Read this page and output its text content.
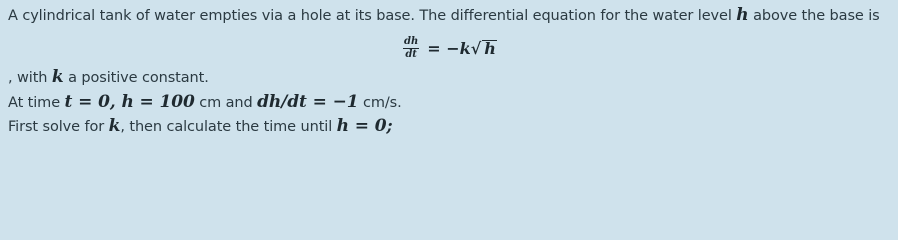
A cylindrical tank of water empties via a hole at its base. The differential equation for the water level h above the base is
$\frac{dh}{dt} = -k√$ h
, with k a positive constant.
At time t = 0, h = 100 cm and dh/dt = −1 cm/s.
First solve for k, then calculate the time until h = 0;
